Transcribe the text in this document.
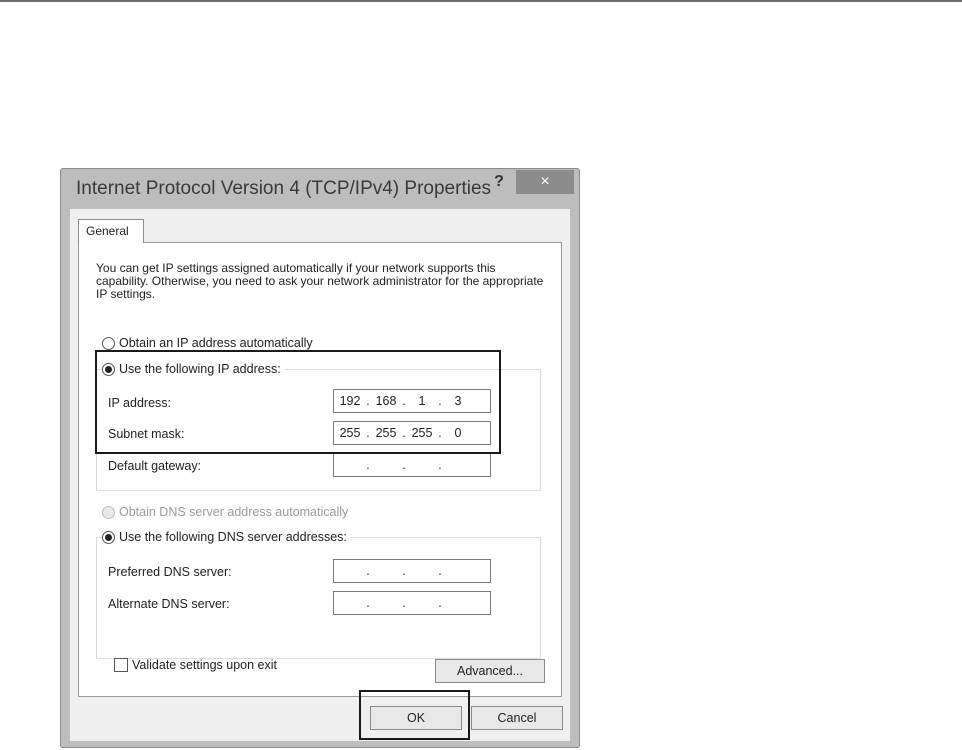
Internet Protocol Version 4 (TCP/IPv4) Properties ?	×
General
You can get IP settings assigned automatically if your network supports this capability. Otherwise, you need to ask your network administrator for the appropriate IP settings.
Obtain an IP address automatically
Use the following IP address:
IP address:	192 . 168 .	1	.	3
Subnet mask:	255 . 255 . 255 .	0
Default gateway:	.	.	.
Obtain DNS server address automatically
Use the following DNS server addresses:
Preferred DNS server:	.	.	.
Alternate DNS server:	.	.	.
Validate settings upon exit	Advanced...
OK	Cancel
